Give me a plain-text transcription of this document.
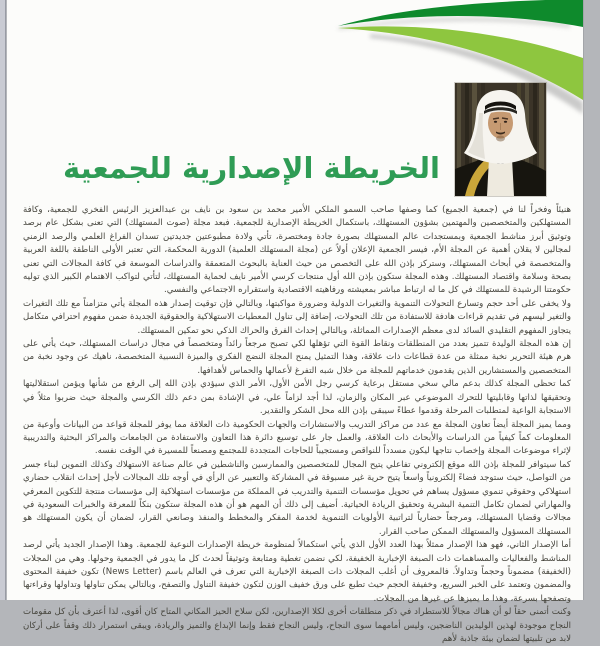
الخريطة الإصدارية للجمعية

هنيئاً وفخراً لنا في (جمعية الجميع) كما وصفها صاحب السمو الملكي الأمير محمد بن سعود بن نايف بن عبدالعزيز الرئيس الفخري للجمعية، وكافة المستهلكين والمتخصصين والمهتمين بشؤون المستهلك، باستكمال الخريطة الإصدارية للجمعية. فبعد مجلة (صوت المستهلك) التي تعنى بشكل عام برصد وتوثيق أبرز مناشط الجمعية وبمستجدات عالم المستهلك بصورة جادة ومختصرة، تأتي ولادة مطبوعتين جديدتين تسدان الفراغ العلمي والرصد الزمني لمجالين لا يقلان أهمية عن المجلة الأم، فيسر الجمعية الإعلان أولاً عن (مجلة المستهلك العلمية) الدورية المحكمة، التي تعتبر الأولى الناطقة باللغة العربية والمتخصصة في أبحاث المستهلك، وستركز بإذن الله على التخصص من حيث العناية بالبحوث المتعمقة والدراسات الموسعة في كافة المجالات التي تعنى بصحة وسلامة واقتصاد المستهلك. وهذه المجلة ستكون بإذن الله أول منتجات كرسي الأمير نايف لحماية المستهلك، لتأتي لتواكب الاهتمام الكبير الذي توليه حكومتنا الرشيدة للمستهلك في كل ما له ارتباط مباشر بمعيشته ورفاهيته الاقتصادية واستقراره الاجتماعي والنفسي.

ولا يخفى على أحد حجم وتسارع التحولات التنموية والتغيرات الدولية وضرورة مواكبتها، وبالتالي فإن توقيت إصدار هذه المجلة يأتي متزامناً مع تلك التغيرات والتغير ليسهم في تقديم قراءات هادفة للاستفادة من تلك التحولات، إضافة إلى تناول المعطيات الاستهلاكية والحقوقية الجديدة ضمن مفهوم احترافي متكامل يتجاوز المفهوم التقليدي السائد لدى معظم الإصدارات المماثلة، وبالتالي إحداث الفرق والحراك الذكي نحو تمكين المستهلك.

إن هذه المجلة الوليدة تتميز بعدد من المنطلقات ونقاط القوة التي تؤهلها لكي تصبح مرجعاً رائداً ومتخصصاً في مجال دراسات المستهلك، حيث يأتي على هرم هيئة التحرير نخبة ممثلة من عدة قطاعات ذات علاقة، وهذا التمثيل يمنح المجلة النضج الفكري والميزة النسبية المتخصصة، ناهيك عن وجود نخبة من المتخصصين والمستشارين الذين يقدمون خدماتهم للمجلة من خلال شبه التفرغ لأعمالها والحماس لأهدافها.

كما تحظى المجلة كذلك بدعم مالي سخي مستقل برعاية كرسي رجل الأمن الأول، الأمر الذي سيؤدي بإذن الله إلى الرفع من شأنها ويؤمن استقلاليتها وتحقيقها لذاتها وقابليتها للتحرك الموضوعي عبر المكان والزمان، لذا أجد لزاماً علي، في الإشادة بمن دعم ذلك الكرسي والمجلة حيث ضربوا مثلاً في الاستجابة الواعية لمتطلبات المرحلة وقدموا عطاءً سيبقى بإذن الله محل الشكر والتقدير.

ومما يميز المجلة أيضاً تعاون المجلة مع عدد من مراكز التدريب والاستشارات والجهات الحكومية ذات العلاقة مما يوفر للمجلة قواعد من البيانات وأوعية من المعلومات كماً كيفياً من الدراسات والأبحاث ذات العلاقة، والعمل جار على توسيع دائرة هذا التعاون والاستفادة من الجامعات والمراكز البحثية والتدريبية لإثراء موضوعات المجلة وإخصاب نتاجها ليكون مسدداً للنواقص ومستجيباً للحاجات المتجددة للمجتمع ومصنعاً للمسيرة في الوقت نفسه.

كما سيتوافر للمجلة بإذن الله موقع إلكتروني تفاعلي يتيح المجال للمتخصصين والممارسين والناشطين في عالم صناعة الاستهلاك وكذلك التموين لبناء جسر من التواصل، حيث ستوجد فضاءً إلكترونياً واسعاً يتيح حرية غير مسبوقة في المشاركة والتعبير عن الرأي في أوجه تلك المجالات لأجل إحداث انقلاب حضاري استهلاكي وحقوقي تنموي مسؤول يساهم في تحويل مؤسسات التنمية والتدريب في المملكة من مؤسسات استهلاكية إلى مؤسسات منتجة للتكوين المعرفي والمهاراتي لضمان تكامل التنمية البشرية وتحقيق الريادة الحياتية. أضيف إلى ذلك أن المهم هو أن هذه المجلة ستكون بنكاً للمعرفة والخبرات السعودية في مجالات وقضايا المستهلك، ومرجعاً حضارياً لتراتبية الأولويات التنموية لخدمة المفكر والمخطط والمنفذ وصانعي القرار، لضمان أن يكون المستهلك هو المستهلك المسؤول والمستهلك الممكن صاحب القرار.

أما الإصدار الثاني، فهو هذا الإصدار ممثلاً بهذا العدد الأول الذي يأتي استكمالاً لمنظومة خريطة الإصدارات النوعية للجمعية. وهذا الإصدار الجديد يأتي لرصد المناشط والفعاليات والمساهمات ذات الصبغة الإخبارية الخفيفة، لكي نضمن تغطية ومتابعة وتوثيقاً لحدث كل ما يدور في الجمعية وحولها. وهي من المجلات (الخفيفة) مضموناً وحجماً وتداولاً. فالمعروف أن أغلب المجلات ذات الصبغة الإخبارية التي تعرف في العالم باسم (News Letter) تكون خفيفة المحتوى والمضمون وتعتمد على الخبر السريع، وخفيفة الحجم حيث تطبع على ورق خفيف الوزن لتكون خفيفة التناول والتصفح، وبالتالي يمكن تناولها وتداولها وقراءتها وتصفحها بسرعة، وهذا ما يميزها عن غيرها من المجلات.

وكنت أتمنى حقاً لو أن هناك مجالاً للاستطراد في ذكر منطلقات أخرى لكلا الإصدارين، لكن سلاح الحيز المكاني المتاح كان أقوى، لذا أعترف بأن كل مقومات النجاح موجودة لهذين الوليدين الناضجين، وليس أمامهما سوى النجاح، وليس النجاح فقط وإنما الإبداع والتميز والريادة، ويبقى استمرار ذلك وقفاً على أركان لابد من تلبيتها لضمان بيئة جاذبة لأهم
